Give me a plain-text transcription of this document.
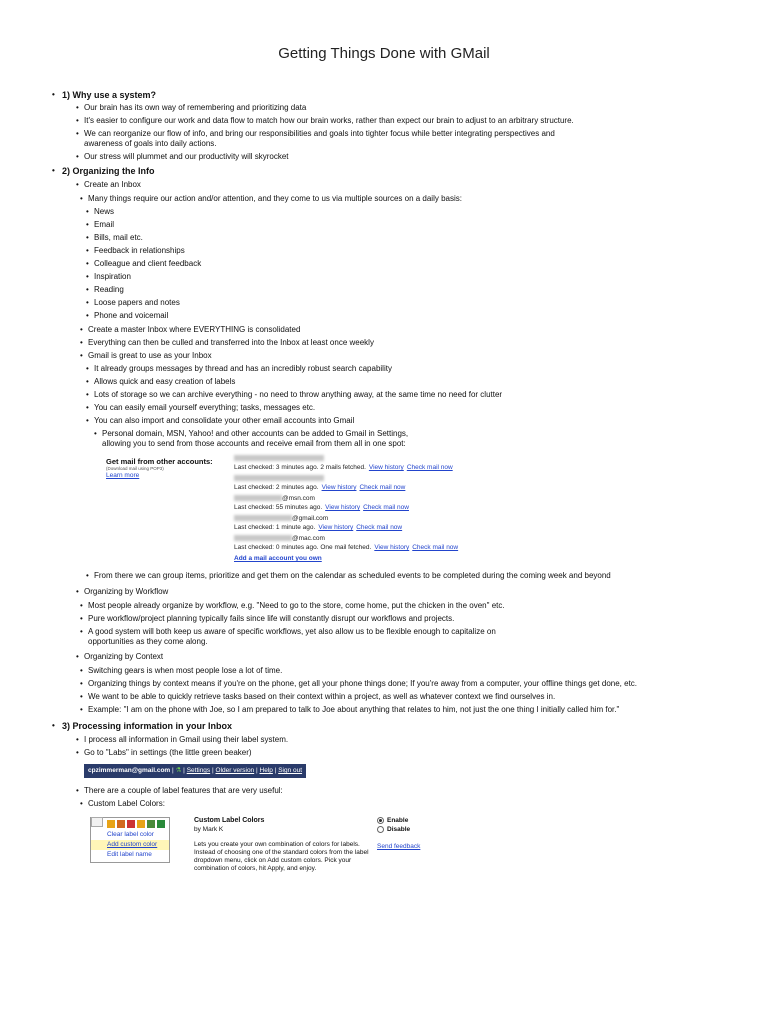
Getting Things Done with GMail
• 1) Why use a system?
• Our brain has its own way of remembering and prioritizing data
• It's easier to configure our work and data flow to match how our brain works, rather than expect our brain to adjust to an arbitrary structure.
• We can reorganize our flow of info, and bring our responsibilities and goals into tighter focus while better integrating perspectives and awareness of goals into daily actions.
• Our stress will plummet and our productivity will skyrocket
• 2) Organizing the Info
• Create an Inbox
• Many things require our action and/or attention, and they come to us via multiple sources on a daily basis:
• News
• Email
• Bills, mail etc.
• Feedback in relationships
• Colleague and client feedback
• Inspiration
• Reading
• Loose papers and notes
• Phone and voicemail
• Create a master Inbox where EVERYTHING is consolidated
• Everything can then be culled and transferred into the Inbox at least once weekly
• Gmail is great to use as your Inbox
• It already groups messages by thread and has an incredibly robust search capability
• Allows quick and easy creation of labels
• Lots of storage so we can archive everything - no need to throw anything away, at the same time no need for clutter
• You can easily email yourself everything; tasks, messages etc.
• You can also import and consolidate your other email accounts into Gmail
• Personal domain, MSN, Yahoo! and other accounts can be added to Gmail in Settings, allowing you to send from those accounts and receive email from them all in one spot:
Get mail from other accounts:
(Download mail using POP3)
Learn more
Last checked: 3 minutes ago. 2 mails fetched. View history Check mail now
Last checked: 2 minutes ago. View history Check mail now
@msn.com
Last checked: 55 minutes ago. View history Check mail now
@gmail.com
Last checked: 1 minute ago. View history Check mail now
@mac.com
Last checked: 0 minutes ago. One mail fetched. View history Check mail now
Add a mail account you own
• From there we can group items, prioritize and get them on the calendar as scheduled events to be completed during the coming week and beyond
• Organizing by Workflow
• Most people already organize by workflow, e.g. "Need to go to the store, come home, put the chicken in the oven" etc.
• Pure workflow/project planning typically fails since life will constantly disrupt our workflows and projects.
• A good system will both keep us aware of specific workflows, yet also allow us to be flexible enough to capitalize on opportunities as they come along.
• Organizing by Context
• Switching gears is when most people lose a lot of time.
• Organizing things by context means if you're on the phone, get all your phone things done; If you're away from a computer, your offline things get done, etc.
• We want to be able to quickly retrieve tasks based on their context within a project, as well as whatever context we find ourselves in.
• Example: "I am on the phone with Joe, so I am prepared to talk to Joe about anything that relates to him, not just the one thing I initially called him for."
• 3) Processing information in your Inbox
• I process all information in Gmail using their label system.
• Go to "Labs" in settings (the little green beaker)
cpzimmerman@gmail.com | ⚗ | Settings | Older version | Help | Sign out
• There are a couple of label features that are very useful:
• Custom Label Colors:
Clear label color
Add custom color
Edit label name
Custom Label Colors
by Mark K
Lets you create your own combination of colors for labels. Instead of choosing one of the standard colors from the label dropdown menu, click on Add custom colors. Pick your combination of colors, hit Apply, and enjoy.
Enable
Disable
Send feedback
